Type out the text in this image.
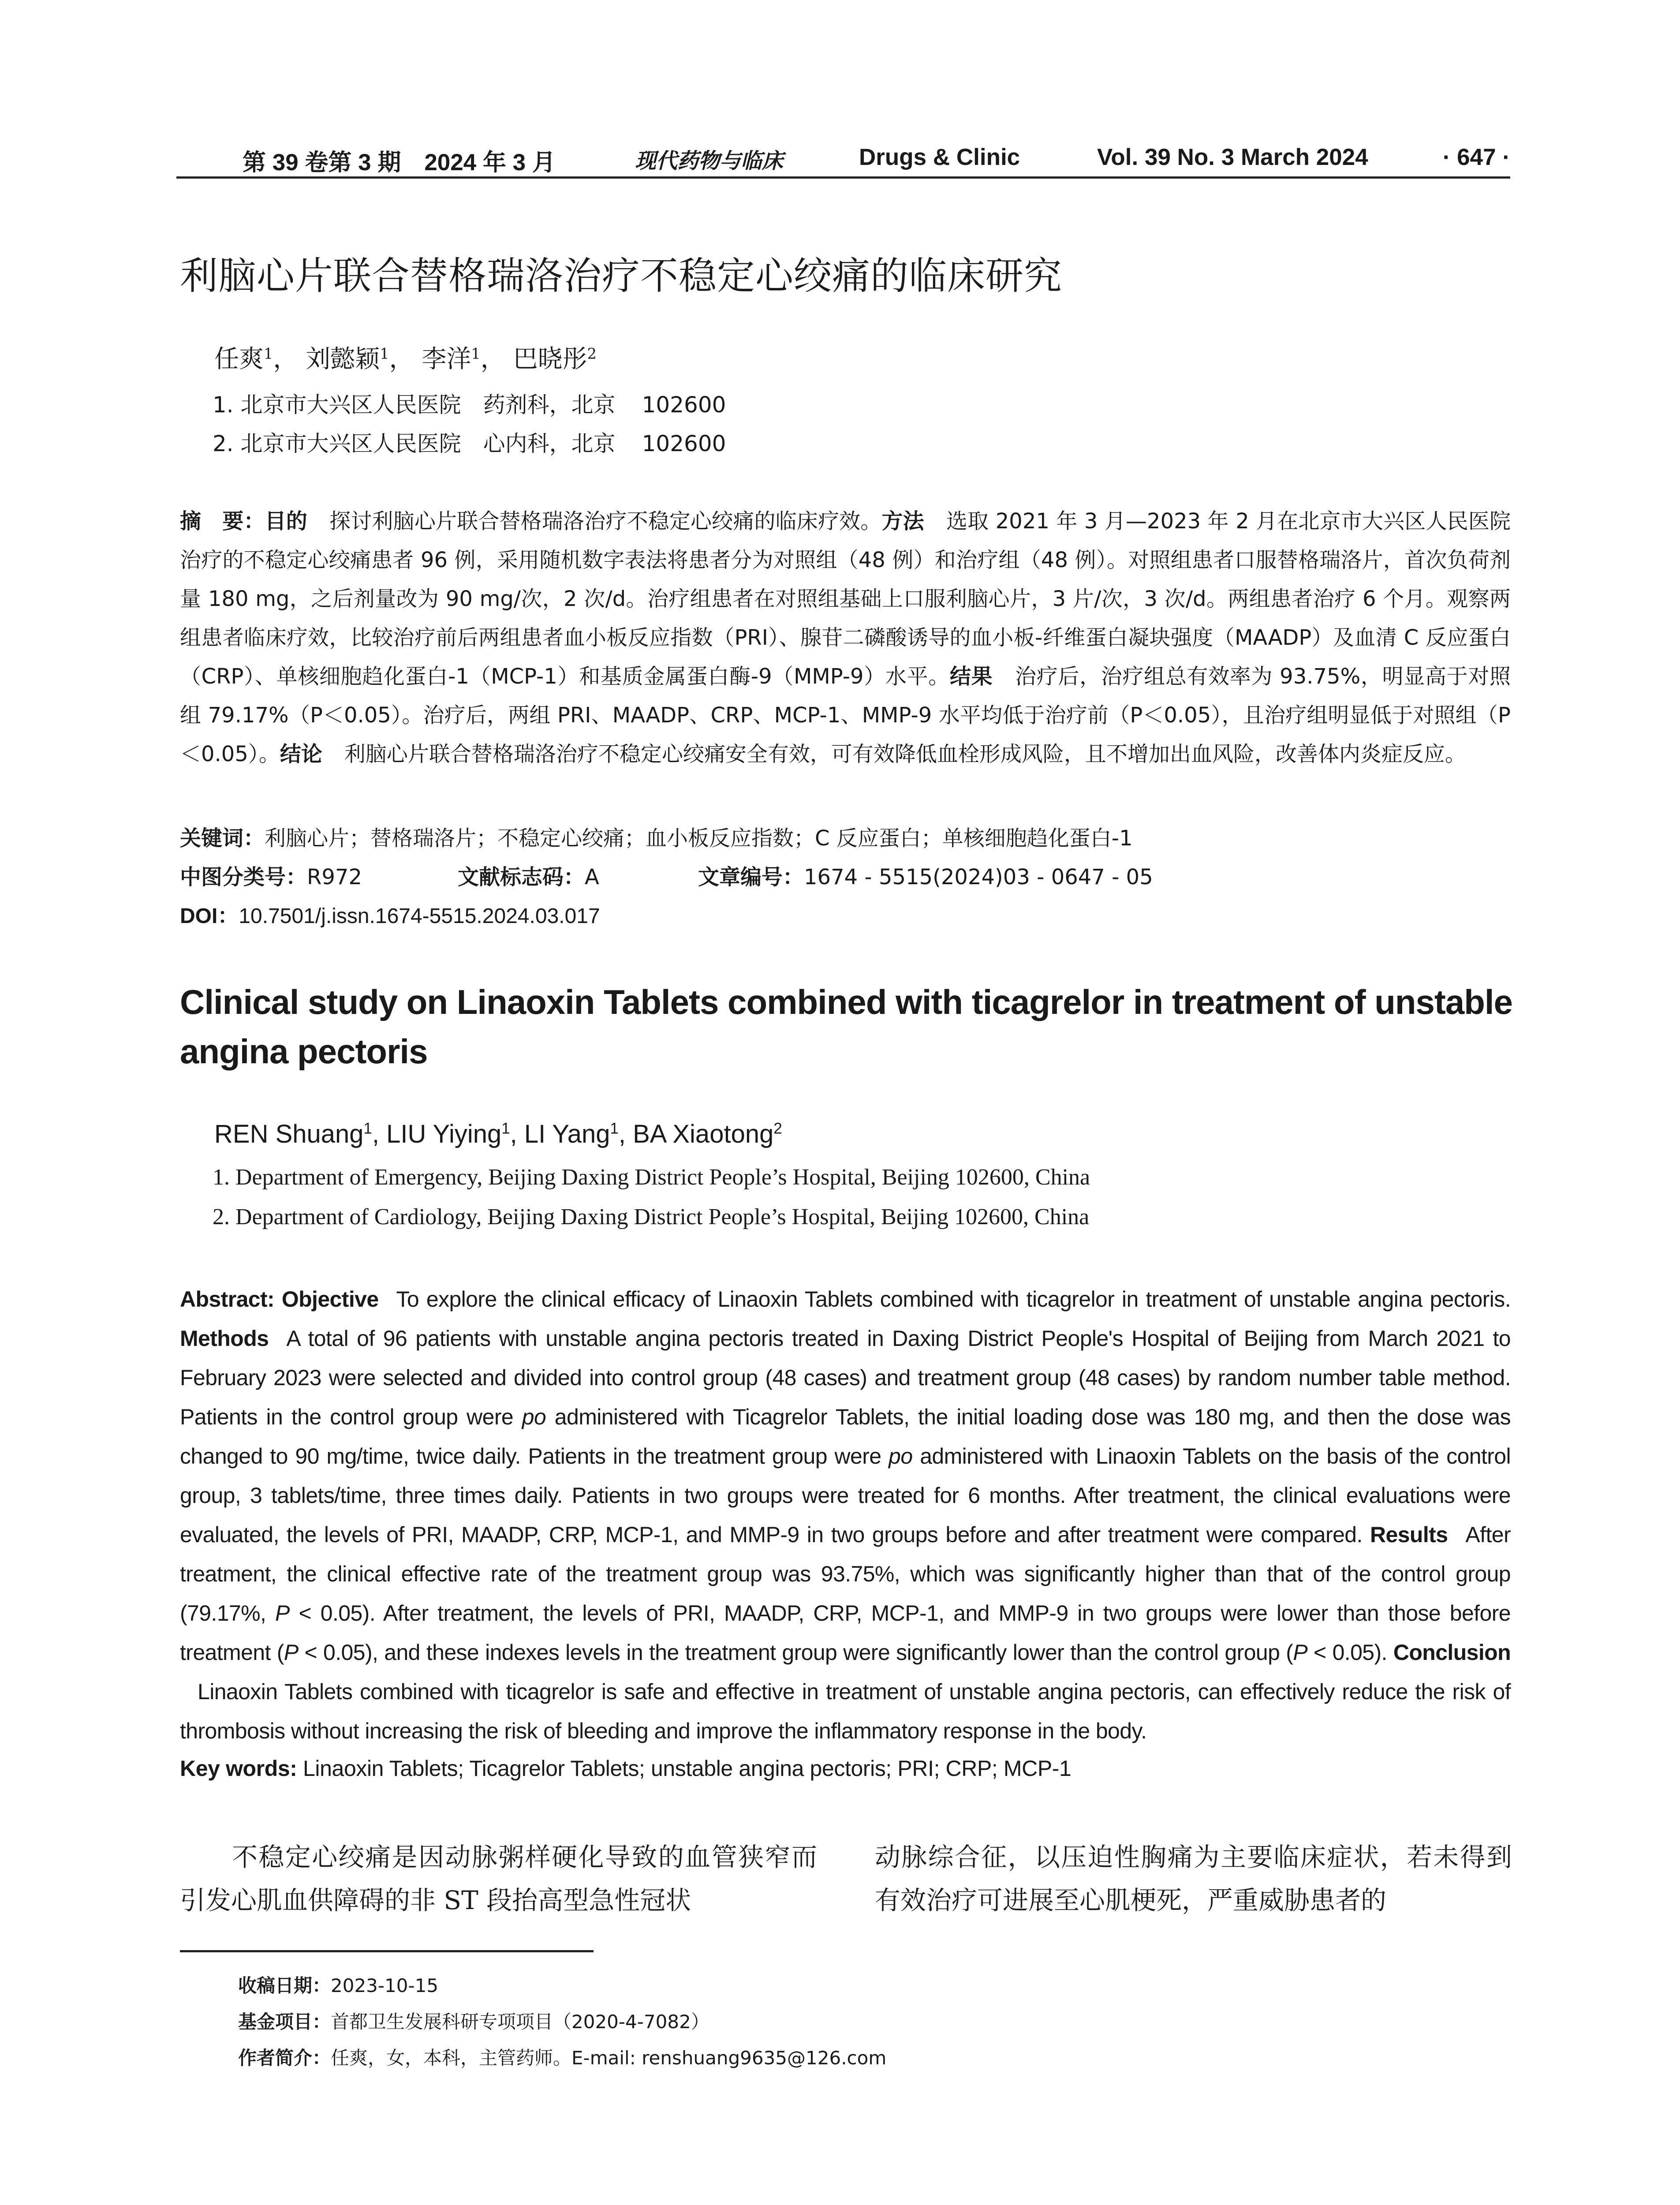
第 39 卷第 3 期　2024 年 3 月	现代药物与临床	Drugs & Clinic	Vol. 39 No. 3 March 2024	· 647 ·
利脑心片联合替格瑞洛治疗不稳定心绞痛的临床研究
任爽$^1$， 刘懿颖$^1$， 李洋$^1$， 巴晓彤$^2$
1. 北京市大兴区人民医院　药剂科，北京 102600
2. 北京市大兴区人民医院　心内科，北京 102600
摘　要：目的 探讨利脑心片联合替格瑞洛治疗不稳定心绞痛的临床疗效。方法 选取 2021 年 3 月—2023 年 2 月在北京市大兴区人民医院治疗的不稳定心绞痛患者 96 例，采用随机数字表法将患者分为对照组（48 例）和治疗组（48 例）。对照组患者口服替格瑞洛片，首次负荷剂量 180 mg，之后剂量改为 90 mg/次，2 次/d。治疗组患者在对照组基础上口服利脑心片，3 片/次，3 次/d。两组患者治疗 6 个月。观察两组患者临床疗效，比较治疗前后两组患者血小板反应指数（PRI）、腺苷二磷酸诱导的血小板-纤维蛋白凝块强度（MAADP）及血清 C 反应蛋白（CRP）、单核细胞趋化蛋白-1（MCP-1）和基质金属蛋白酶-9（MMP-9）水平。结果 治疗后，治疗组总有效率为 93.75%，明显高于对照组 79.17%（P＜0.05）。治疗后，两组 PRI、MAADP、CRP、MCP-1、MMP-9 水平均低于治疗前（P＜0.05），且治疗组明显低于对照组（P＜0.05）。结论 利脑心片联合替格瑞洛治疗不稳定心绞痛安全有效，可有效降低血栓形成风险，且不增加出血风险，改善体内炎症反应。
关键词：利脑心片；替格瑞洛片；不稳定心绞痛；血小板反应指数；C 反应蛋白；单核细胞趋化蛋白-1
中图分类号：R972	文献标志码：A	文章编号：1674 - 5515(2024)03 - 0647 - 05
DOI：10.7501/j.issn.1674-5515.2024.03.017
Clinical study on Linaoxin Tablets combined with ticagrelor in treatment of unstable angina pectoris
REN Shuang$^1$, LIU Yiying$^1$, LI Yang$^1$, BA Xiaotong$^2$
1. Department of Emergency, Beijing Daxing District People’s Hospital, Beijing 102600, China
2. Department of Cardiology, Beijing Daxing District People’s Hospital, Beijing 102600, China
Abstract: Objective To explore the clinical efficacy of Linaoxin Tablets combined with ticagrelor in treatment of unstable angina pectoris. Methods A total of 96 patients with unstable angina pectoris treated in Daxing District People's Hospital of Beijing from March 2021 to February 2023 were selected and divided into control group (48 cases) and treatment group (48 cases) by random number table method. Patients in the control group were po administered with Ticagrelor Tablets, the initial loading dose was 180 mg, and then the dose was changed to 90 mg/time, twice daily. Patients in the treatment group were po administered with Linaoxin Tablets on the basis of the control group, 3 tablets/time, three times daily. Patients in two groups were treated for 6 months. After treatment, the clinical evaluations were evaluated, the levels of PRI, MAADP, CRP, MCP-1, and MMP-9 in two groups before and after treatment were compared. Results After treatment, the clinical effective rate of the treatment group was 93.75%, which was significantly higher than that of the control group (79.17%, P < 0.05). After treatment, the levels of PRI, MAADP, CRP, MCP-1, and MMP-9 in two groups were lower than those before treatment (P < 0.05), and these indexes levels in the treatment group were significantly lower than the control group (P < 0.05). ConclusionLinaoxin Tablets combined with ticagrelor is safe and effective in treatment of unstable angina pectoris, can effectively reduce the risk of thrombosis without increasing the risk of bleeding and improve the inflammatory response in the body.
Key words: Linaoxin Tablets; Ticagrelor Tablets; unstable angina pectoris; PRI; CRP; MCP-1
不稳定心绞痛是因动脉粥样硬化导致的血管狭窄而引发心肌血供障碍的非 ST 段抬高型急性冠状
动脉综合征，以压迫性胸痛为主要临床症状，若未得到有效治疗可进展至心肌梗死，严重威胁患者的
收稿日期：2023-10-15
基金项目：首都卫生发展科研专项项目（2020-4-7082）
作者简介：任爽，女，本科，主管药师。E-mail: renshuang9635@126.com
